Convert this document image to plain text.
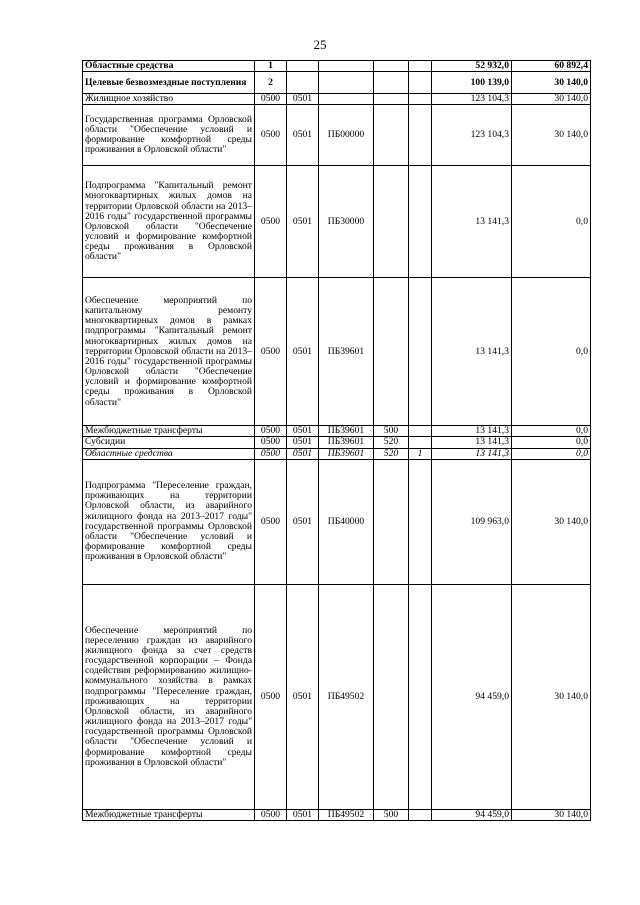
25
Областные средства	1					52 932,0	60 892,4
Целевые безвозмездные поступления	2					100 139,0	30 140,0
Жилищное хозяйство	0500	0501				123 104,3	30 140,0
Государственная программа Орловской области "Обеспечение условий и формирование комфортной среды проживания в Орловской области"	0500	0501	ПБ00000			123 104,3	30 140,0
Подпрограмма "Капитальный ремонт многоквартирных жилых домов на территории Орловской области на 2013–2016 годы" государственной программы Орловской области "Обеспечение условий и формирование комфортной среды проживания в Орловской области"	0500	0501	ПБ30000			13 141,3	0,0
Обеспечение мероприятий по капитальному ремонту многоквартирных домов в рамках подпрограммы "Капитальный ремонт многоквартирных жилых домов на территории Орловской области на 2013–2016 годы" государственной программы Орловской области "Обеспечение условий и формирование комфортной среды проживания в Орловской области"	0500	0501	ПБ39601			13 141,3	0,0
Межбюджетные трансферты	0500	0501	ПБ39601	500		13 141,3	0,0
Субсидии	0500	0501	ПБ39601	520		13 141,3	0,0
Областные средства	0500	0501	ПБ39601	520	1	13 141,3	0,0
Подпрограмма "Переселение граждан, проживающих на территории Орловской области, из аварийного жилищного фонда на 2013–2017 годы" государственной программы Орловской области "Обеспечение условий и формирование комфортной среды проживания в Орловской области"	0500	0501	ПБ40000			109 963,0	30 140,0
Обеспечение мероприятий по переселению граждан из аварийного жилищного фонда за счет средств государственной корпорации – Фонда содействия реформированию жилищно-коммунального хозяйства в рамках подпрограммы "Переселение граждан, проживающих на территории Орловской области, из аварийного жилищного фонда на 2013–2017 годы" государственной программы Орловской области "Обеспечение условий и формирование комфортной среды проживания в Орловской области"	0500	0501	ПБ49502			94 459,0	30 140,0
Межбюджетные трансферты	0500	0501	ПБ49502	500		94 459,0	30 140,0
